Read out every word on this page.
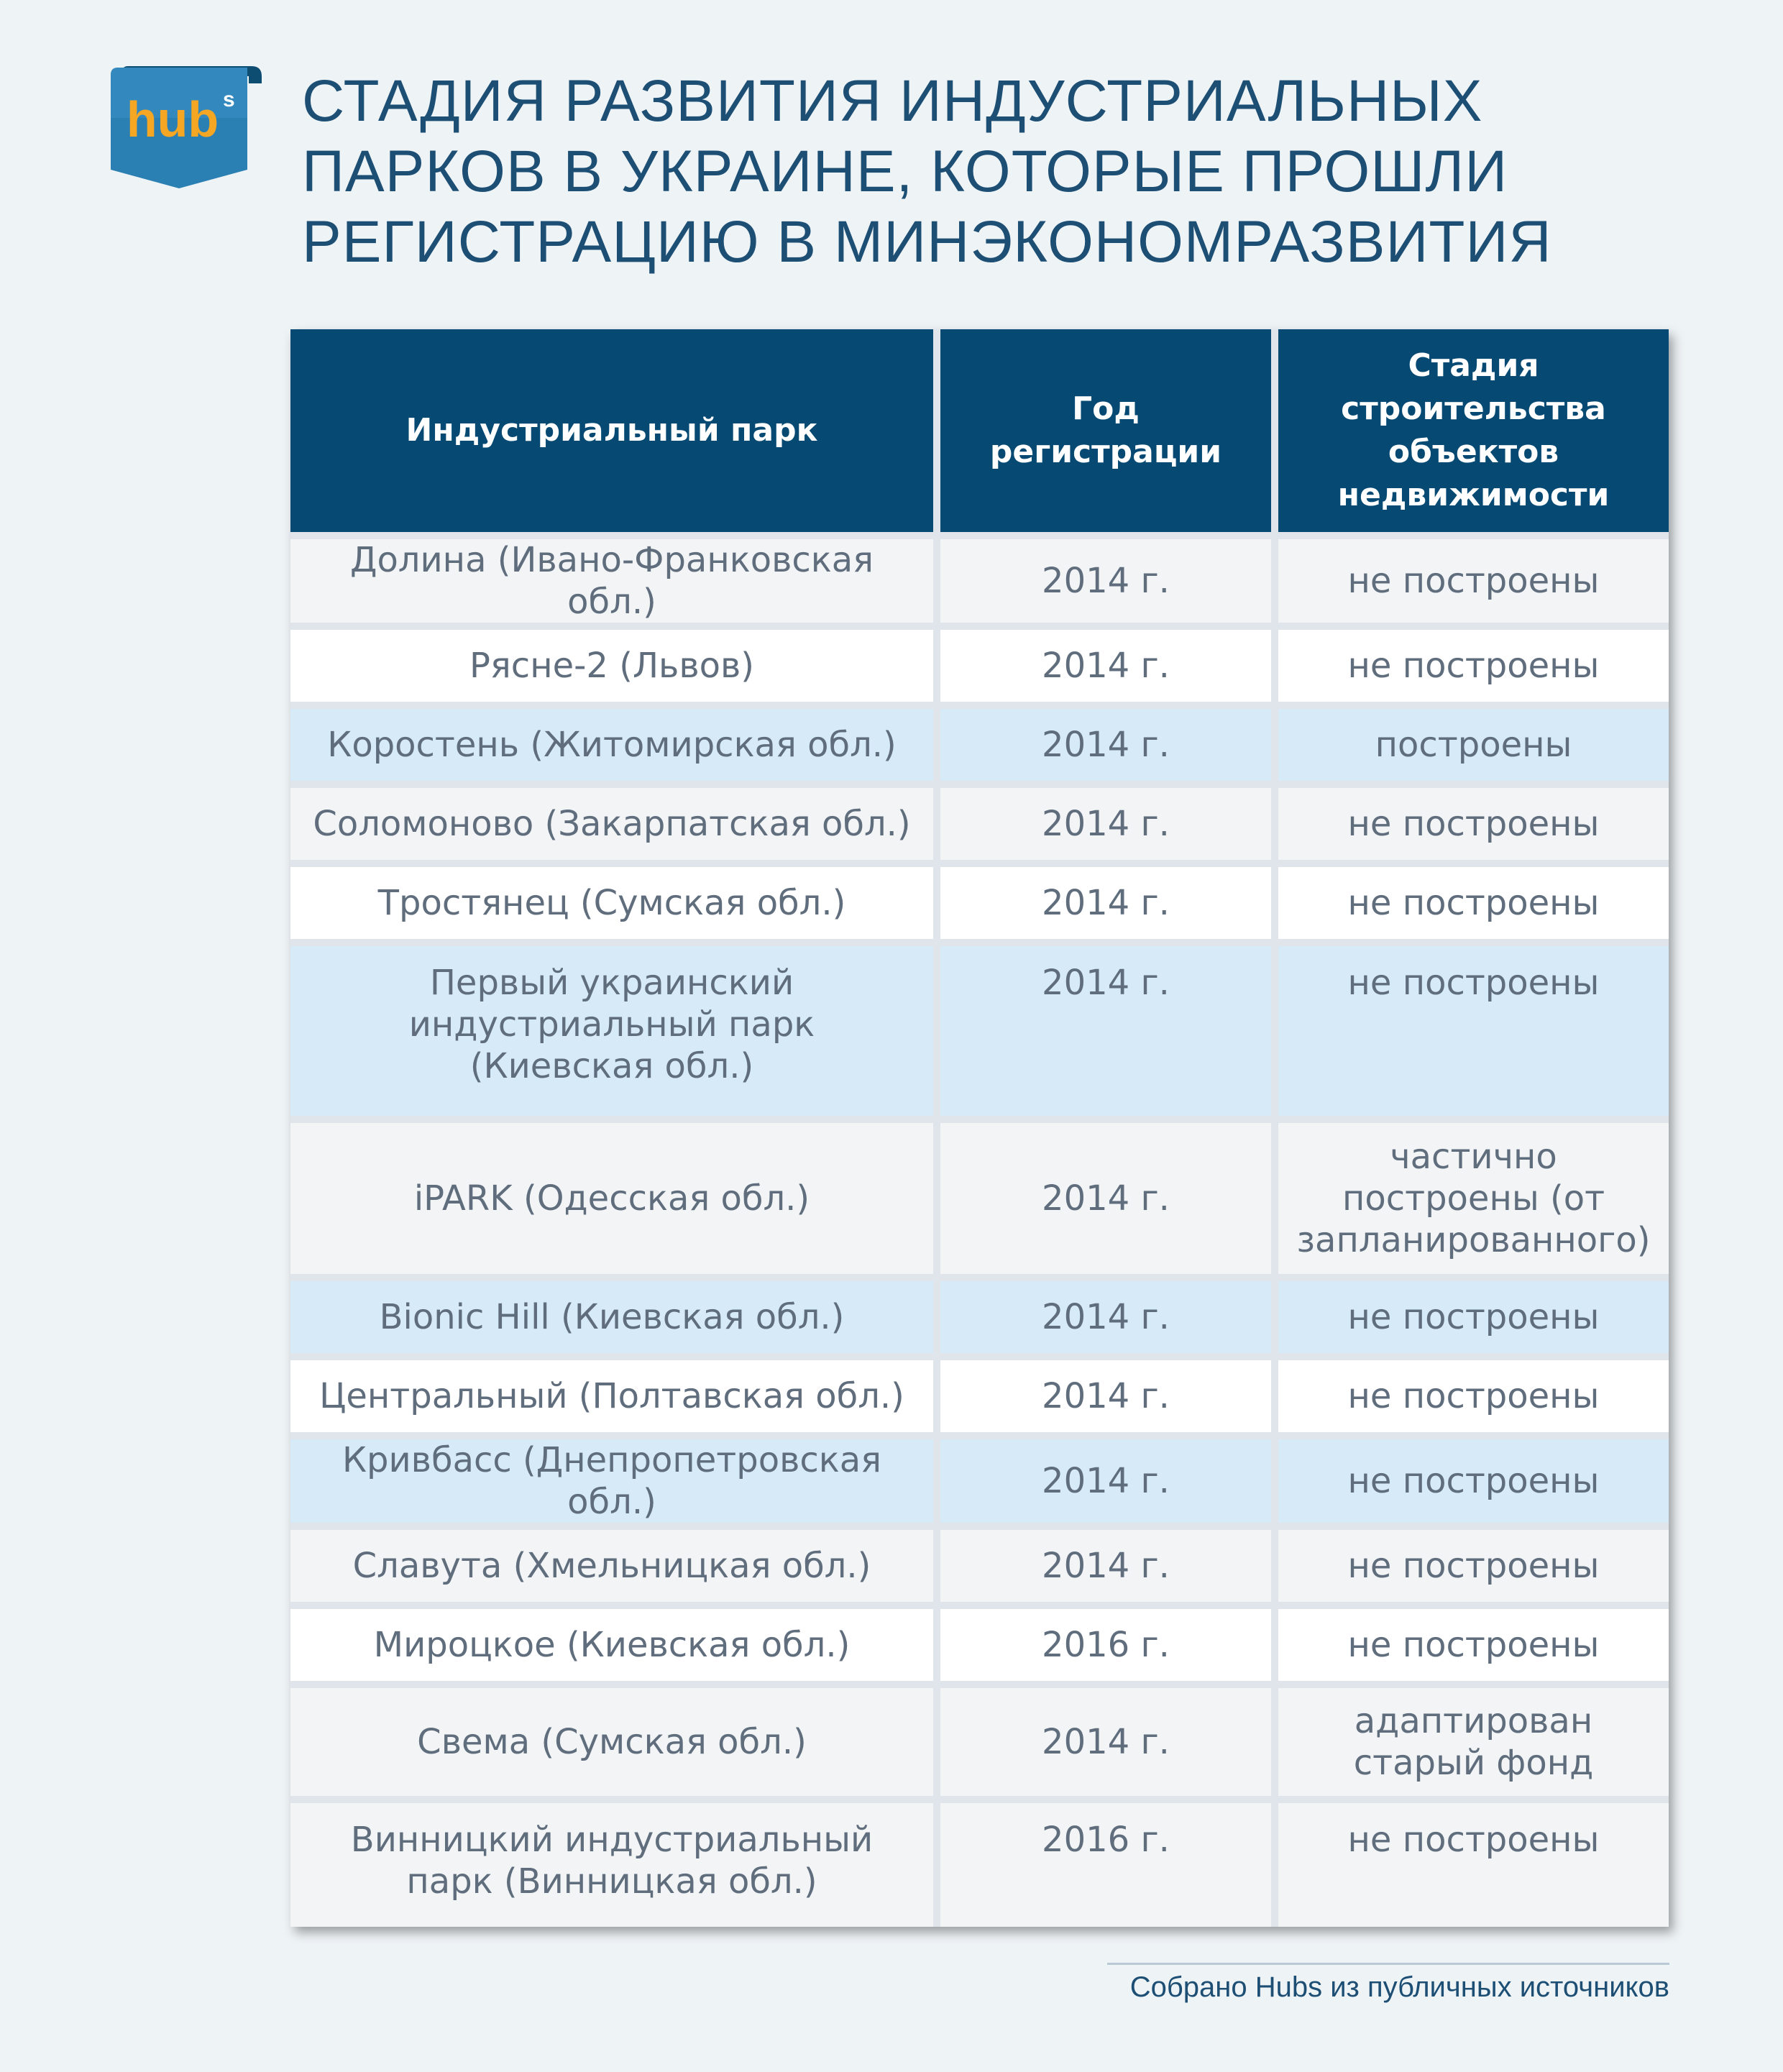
hub s СТАДИЯ РАЗВИТИЯ ИНДУСТРИАЛЬНЫХ
ПАРКОВ В УКРАИНЕ, КОТОРЫЕ ПРОШЛИ
РЕГИСТРАЦИЮ В МИНЭКОНОМРАЗВИТИЯ
Индустриальный парк	Год регистрации	Стадия строительства объектов недвижимости
Долина (Ивано-Франковская обл.)	2014 г.	не построены
Рясне-2 (Львов)	2014 г.	не построены
Коростень (Житомирская обл.)	2014 г.	построены
Соломоново (Закарпатская обл.)	2014 г.	не построены
Тростянец (Сумская обл.)	2014 г.	не построены
Первый украинский индустриальный парк (Киевская обл.)	2014 г.	не построены
iPARK (Одесская обл.)	2014 г.	частично построены (от запланированного)
Bionic Hill (Киевская обл.)	2014 г.	не построены
Центральный (Полтавская обл.)	2014 г.	не построены
Кривбасс (Днепропетровская обл.)	2014 г.	не построены
Славута (Хмельницкая обл.)	2014 г.	не построены
Мироцкое (Киевская обл.)	2016 г.	не построены
Свема (Сумская обл.)	2014 г.	адаптирован старый фонд
Винницкий индустриальный парк (Винницкая обл.)	2016 г.	не построены
Собрано Hubs из публичных источников
